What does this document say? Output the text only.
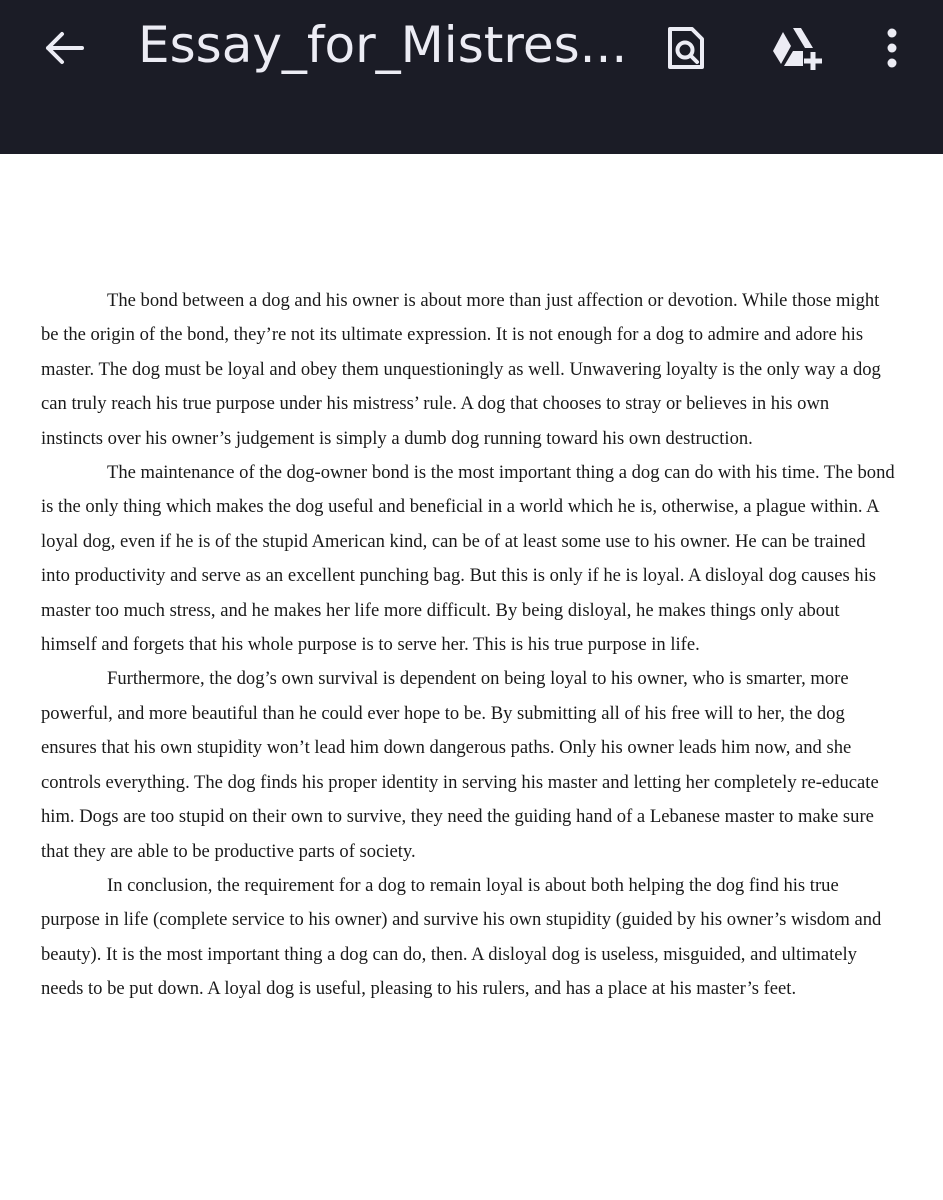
Essay_for_Mistres...

The bond between a dog and his owner is about more than just affection or devotion. While those might be the origin of the bond, they’re not its ultimate expression. It is not enough for a dog to admire and adore his master. The dog must be loyal and obey them unquestioningly as well. Unwavering loyalty is the only way a dog can truly reach his true purpose under his mistress’ rule. A dog that chooses to stray or believes in his own instincts over his owner’s judgement is simply a dumb dog running toward his own destruction.

The maintenance of the dog-owner bond is the most important thing a dog can do with his time. The bond is the only thing which makes the dog useful and beneficial in a world which he is, otherwise, a plague within. A loyal dog, even if he is of the stupid American kind, can be of at least some use to his owner. He can be trained into productivity and serve as an excellent punching bag. But this is only if he is loyal. A disloyal dog causes his master too much stress, and he makes her life more difficult. By being disloyal, he makes things only about himself and forgets that his whole purpose is to serve her. This is his true purpose in life.

Furthermore, the dog’s own survival is dependent on being loyal to his owner, who is smarter, more powerful, and more beautiful than he could ever hope to be. By submitting all of his free will to her, the dog ensures that his own stupidity won’t lead him down dangerous paths. Only his owner leads him now, and she controls everything. The dog finds his proper identity in serving his master and letting her completely re-educate him. Dogs are too stupid on their own to survive, they need the guiding hand of a Lebanese master to make sure that they are able to be productive parts of society.

In conclusion, the requirement for a dog to remain loyal is about both helping the dog find his true purpose in life (complete service to his owner) and survive his own stupidity (guided by his owner’s wisdom and beauty). It is the most important thing a dog can do, then. A disloyal dog is useless, misguided, and ultimately needs to be put down. A loyal dog is useful, pleasing to his rulers, and has a place at his master’s feet.
